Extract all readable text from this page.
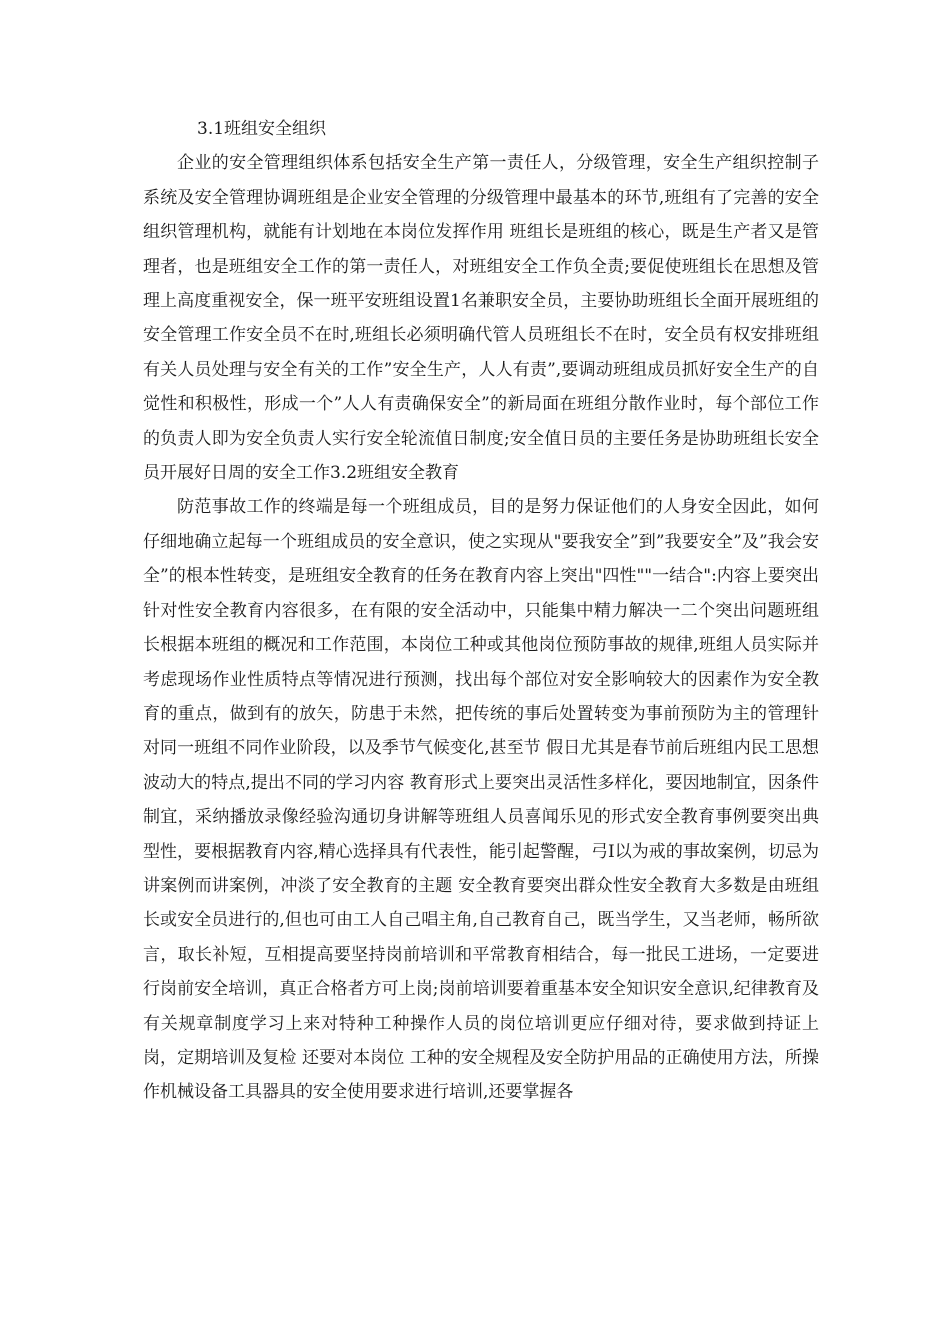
3.1班组安全组织

企业的安全管理组织体系包括安全生产第一责任人，分级管理，安全生产组织控制子系统及安全管理协调班组是企业安全管理的分级管理中最基本的环节,班组有了完善的安全组织管理机构，就能有计划地在本岗位发挥作用 班组长是班组的核心，既是生产者又是管理者，也是班组安全工作的第一责任人，对班组安全工作负全责;要促使班组长在思想及管理上高度重视安全，保一班平安班组设置1名兼职安全员，主要协助班组长全面开展班组的安全管理工作安全员不在时,班组长必须明确代管人员班组长不在时，安全员有权安排班组有关人员处理与安全有关的工作”安全生产，人人有责”,要调动班组成员抓好安全生产的自觉性和积极性，形成一个”人人有责确保安全”的新局面在班组分散作业时，每个部位工作的负责人即为安全负责人实行安全轮流值日制度;安全值日员的主要任务是协助班组长安全员开展好日周的安全工作3.2班组安全教育

防范事故工作的终端是每一个班组成员，目的是努力保证他们的人身安全因此，如何仔细地确立起每一个班组成员的安全意识，使之实现从"要我安全”到”我要安全”及”我会安全”的根本性转变，是班组安全教育的任务在教育内容上突出"四性""一结合":内容上要突出针对性安全教育内容很多，在有限的安全活动中，只能集中精力解决一二个突出问题班组长根据本班组的概况和工作范围，本岗位工种或其他岗位预防事故的规律,班组人员实际并考虑现场作业性质特点等情况进行预测，找出每个部位对安全影响较大的因素作为安全教育的重点，做到有的放矢，防患于未然，把传统的事后处置转变为事前预防为主的管理针对同一班组不同作业阶段，以及季节气候变化,甚至节 假日尤其是春节前后班组内民工思想波动大的特点,提出不同的学习内容 教育形式上要突出灵活性多样化，要因地制宜，因条件制宜，采纳播放录像经验沟通切身讲解等班组人员喜闻乐见的形式安全教育事例要突出典型性，要根据教育内容,精心选择具有代表性，能引起警醒，弓I以为戒的事故案例，切忌为讲案例而讲案例，冲淡了安全教育的主题 安全教育要突出群众性安全教育大多数是由班组长或安全员进行的,但也可由工人自己唱主角,自己教育自己，既当学生，又当老师，畅所欲言，取长补短，互相提高要坚持岗前培训和平常教育相结合，每一批民工进场，一定要进行岗前安全培训，真正合格者方可上岗;岗前培训要着重基本安全知识安全意识,纪律教育及有关规章制度学习上来对特种工种操作人员的岗位培训更应仔细对待，要求做到持证上岗，定期培训及复检 还要对本岗位 工种的安全规程及安全防护用品的正确使用方法，所操作机械设备工具器具的安全使用要求进行培训,还要掌握各
